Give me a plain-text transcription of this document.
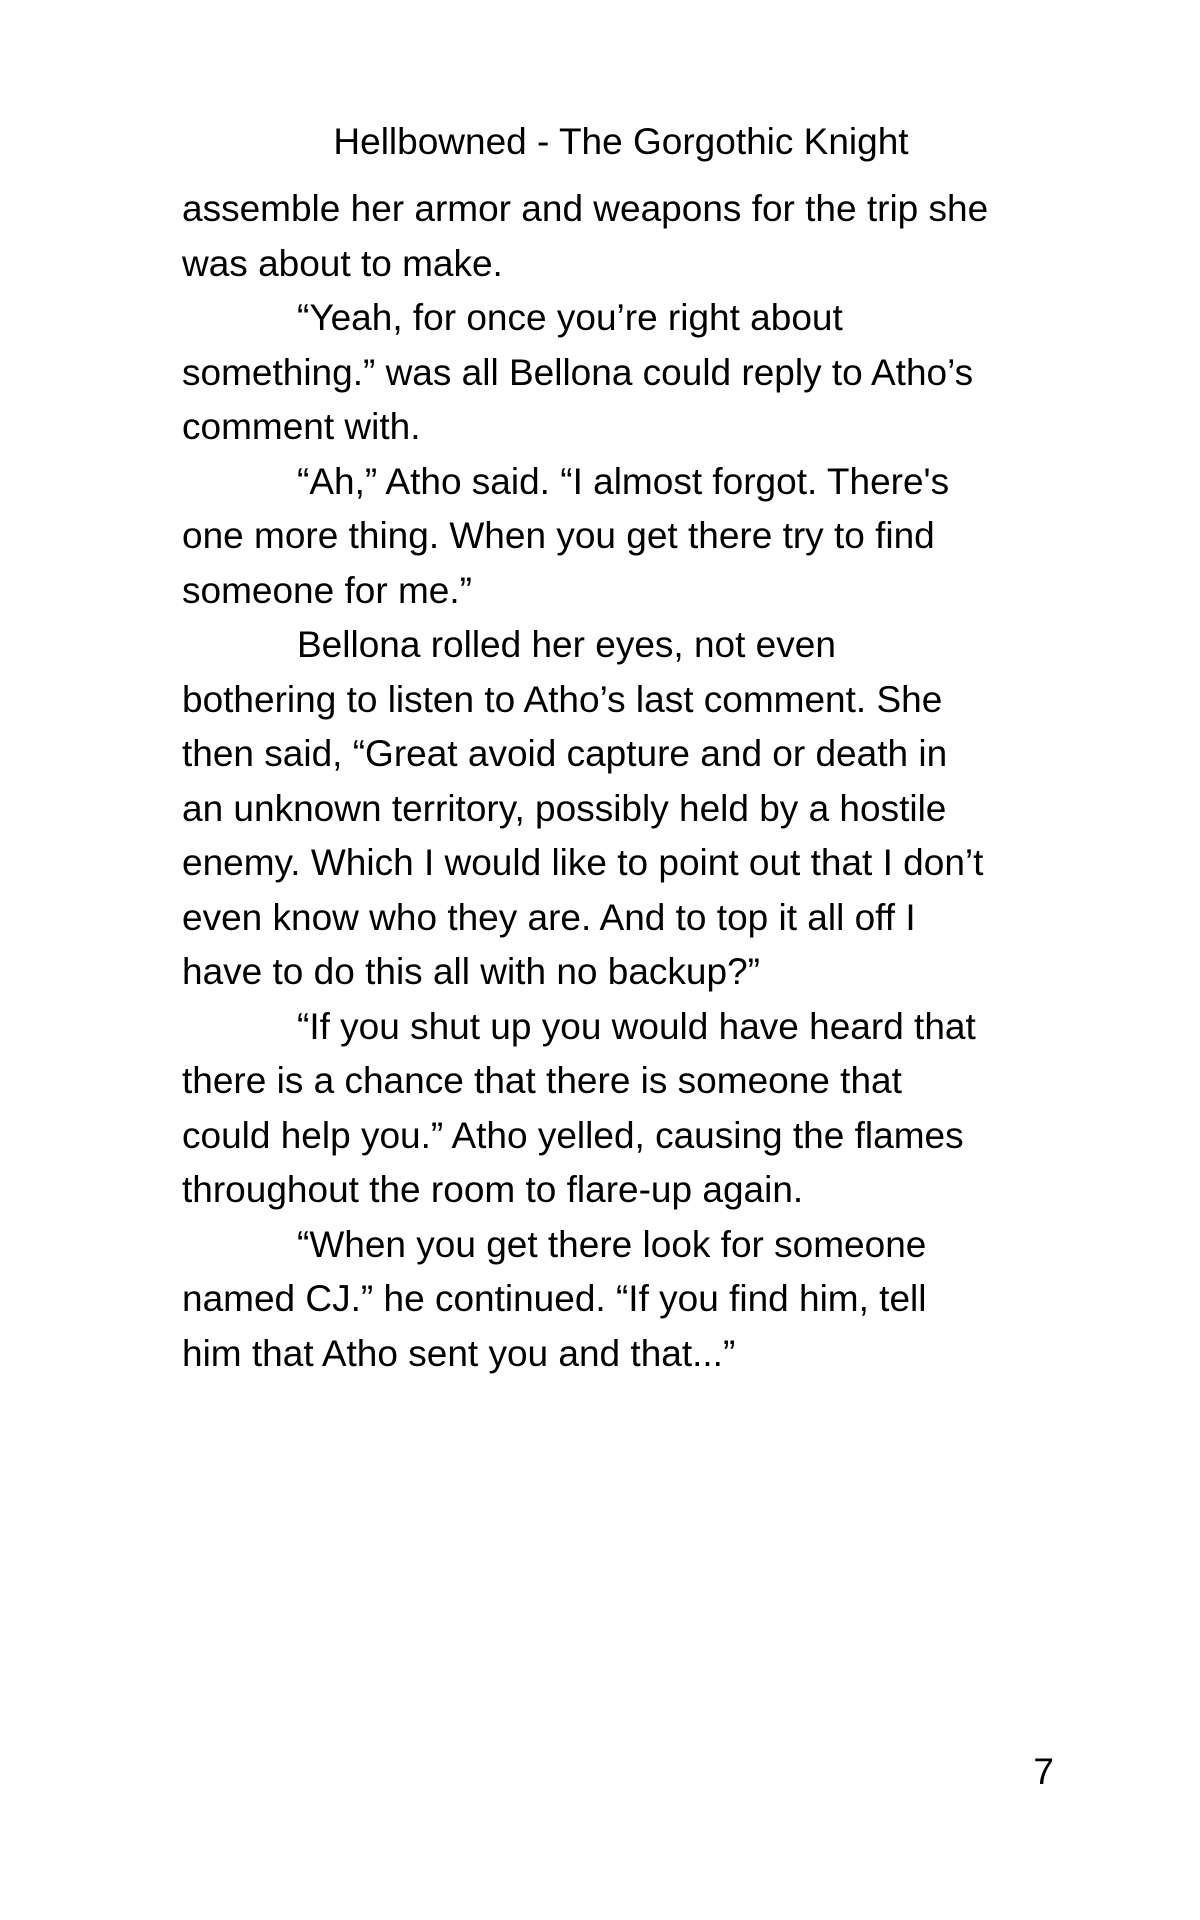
Hellbowned - The Gorgothic Knight
assemble her armor and weapons for the trip she
was about to make.
“Yeah, for once you’re right about
something.” was all Bellona could reply to Atho’s
comment with.
“Ah,” Atho said. “I almost forgot. There's
one more thing. When you get there try to find
someone for me.”
Bellona rolled her eyes, not even
bothering to listen to Atho’s last comment. She
then said, “Great avoid capture and or death in
an unknown territory, possibly held by a hostile
enemy. Which I would like to point out that I don’t
even know who they are. And to top it all off I
have to do this all with no backup?”
“If you shut up you would have heard that
there is a chance that there is someone that
could help you.” Atho yelled, causing the flames
throughout the room to flare-up again.
“When you get there look for someone
named CJ.” he continued. “If you find him, tell
him that Atho sent you and that...”
7
